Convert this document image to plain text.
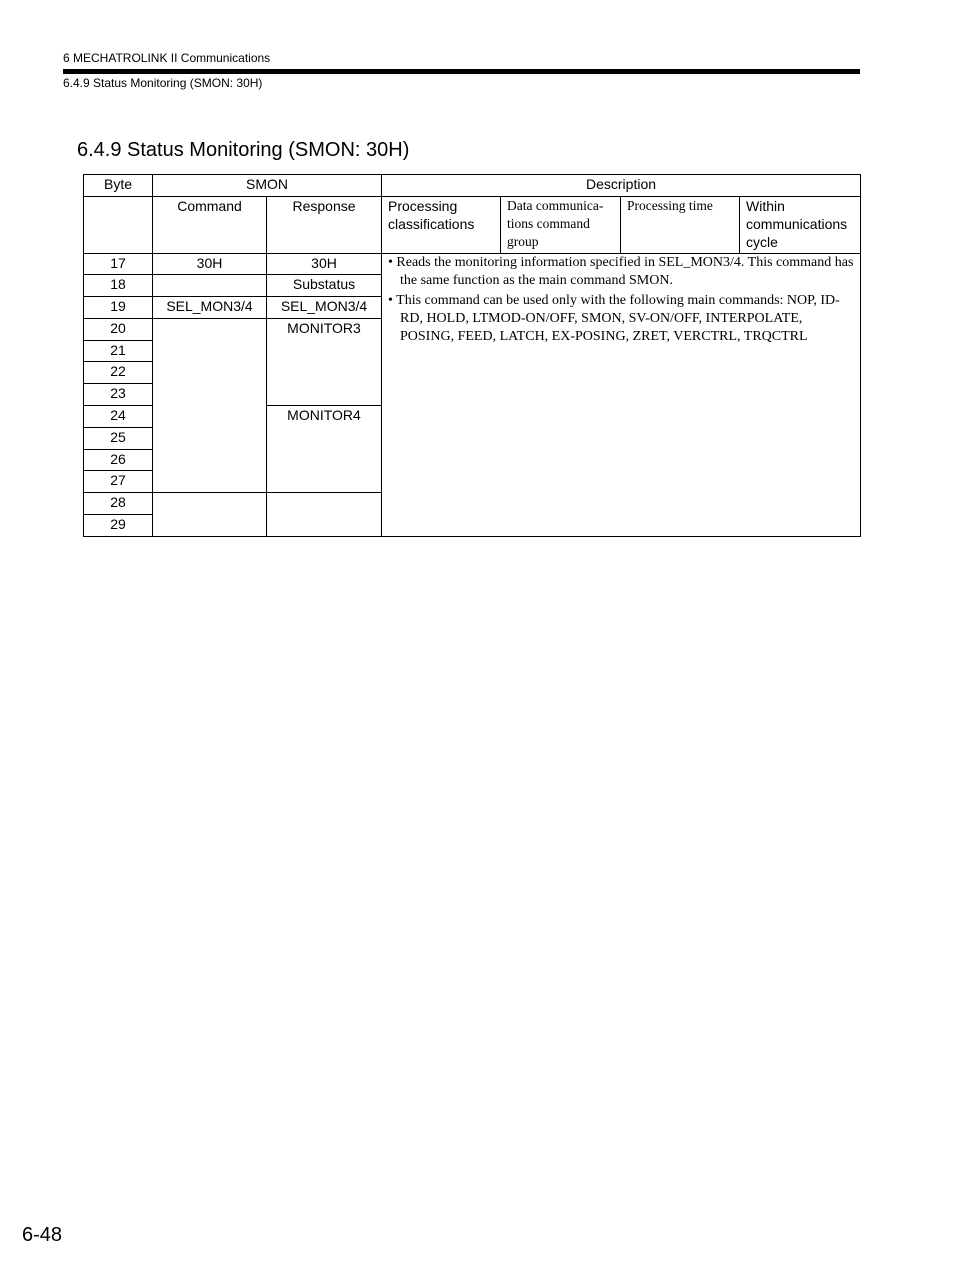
6 MECHATROLINK II Communications
6.4.9 Status Monitoring (SMON: 30H)
6.4.9 Status Monitoring (SMON: 30H)
Byte	SMON		Description			
	Command	Response	Processing classifications	Data communica-tions command group	Processing time	Within communications cycle
17	30H	30H	• Reads the monitoring information specified in SEL_MON3/4. This command has the same function as the main command SMON.
• This command can be used only with the following main commands: NOP, ID-RD, HOLD, LTMOD-ON/OFF, SMON, SV-ON/OFF, INTERPOLATE, POSING, FEED, LATCH, EX-POSING, ZRET, VERCTRL, TRQCTRL			

18		Substatus				
19	SEL_MON3/4	SEL_MON3/4				
20		MONITOR3				
21						
22						
23						
24		MONITOR4				
25						
26						
27						
28						
29						
6-48
